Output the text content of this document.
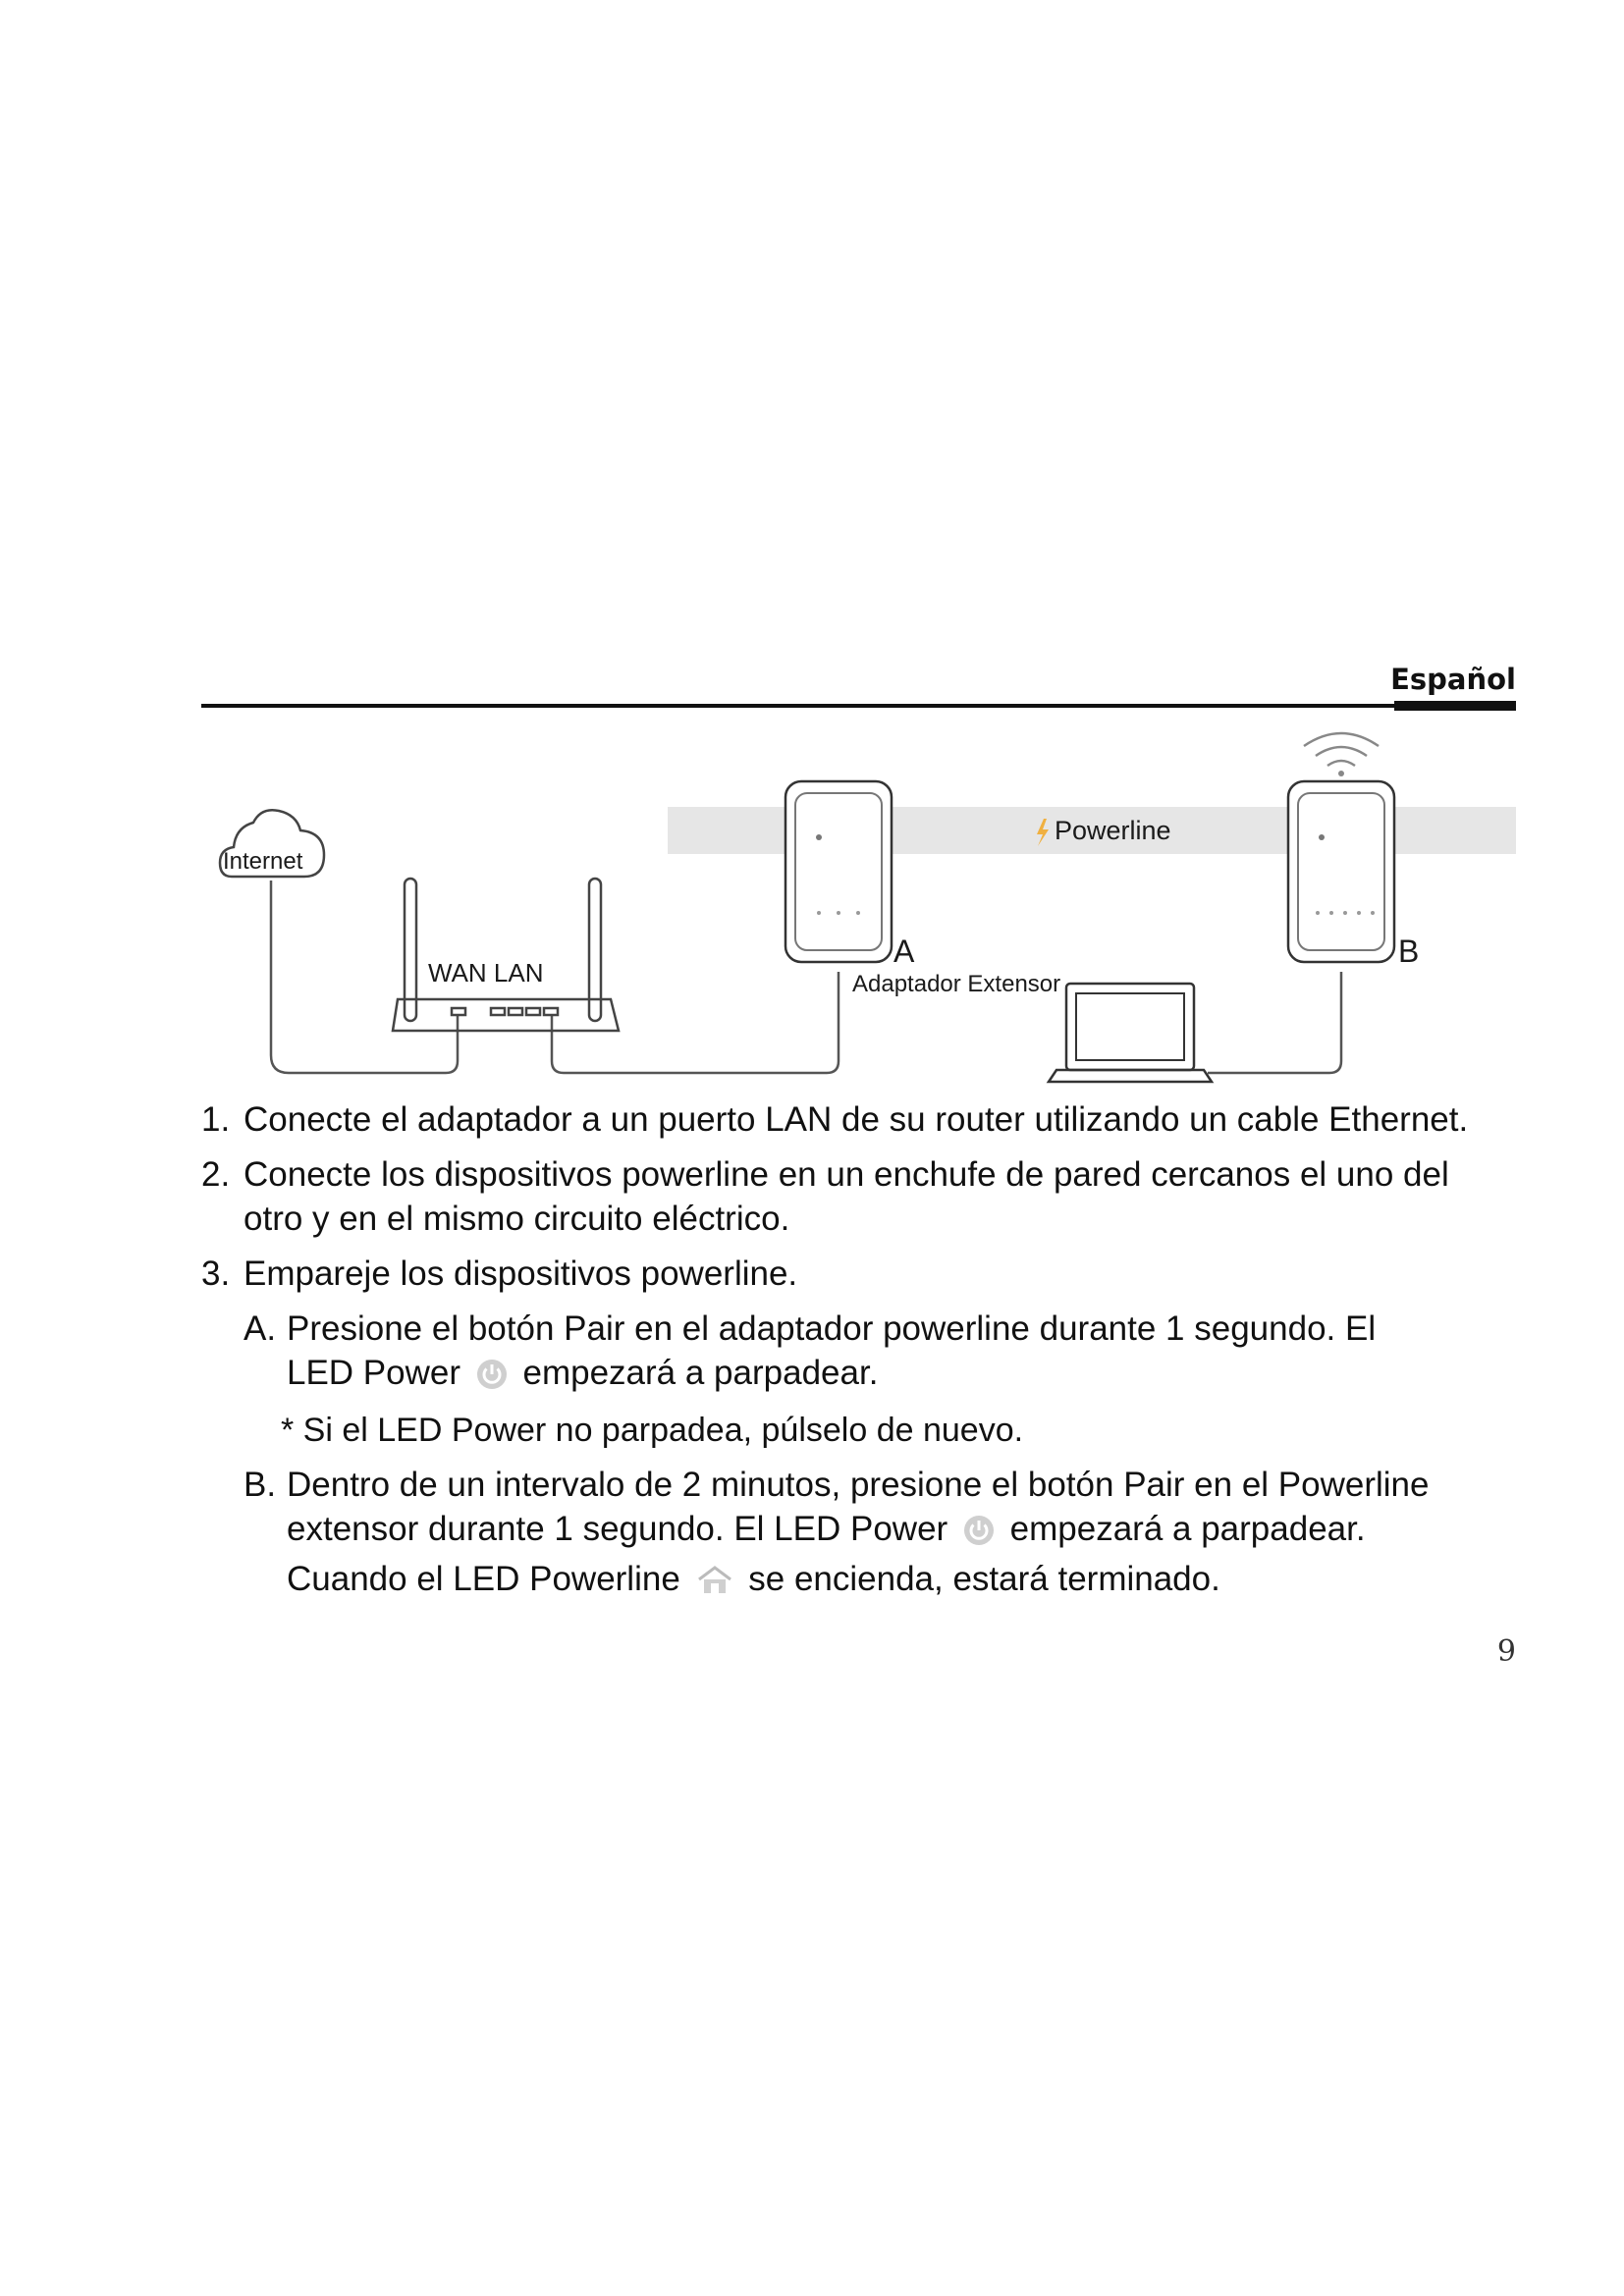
Español
Powerline
Internet
WAN LAN
A
Adaptador Extensor
B
1. Conecte el adaptador a un puerto LAN de su router utilizando un cable Ethernet.
2. Conecte los dispositivos powerline en un enchufe de pared cercanos el uno del
otro y en el mismo circuito eléctrico.
3. Empareje los dispositivos powerline.
A. Presione el botón Pair en el adaptador powerline durante 1 segundo. El
LED Power empezará a parpadear.
* Si el LED Power no parpadea, púlselo de nuevo.
B. Dentro de un intervalo de 2 minutos, presione el botón Pair en el Powerline
extensor durante 1 segundo. El LED Power empezará a parpadear.
Cuando el LED Powerline se encienda, estará terminado.
9
